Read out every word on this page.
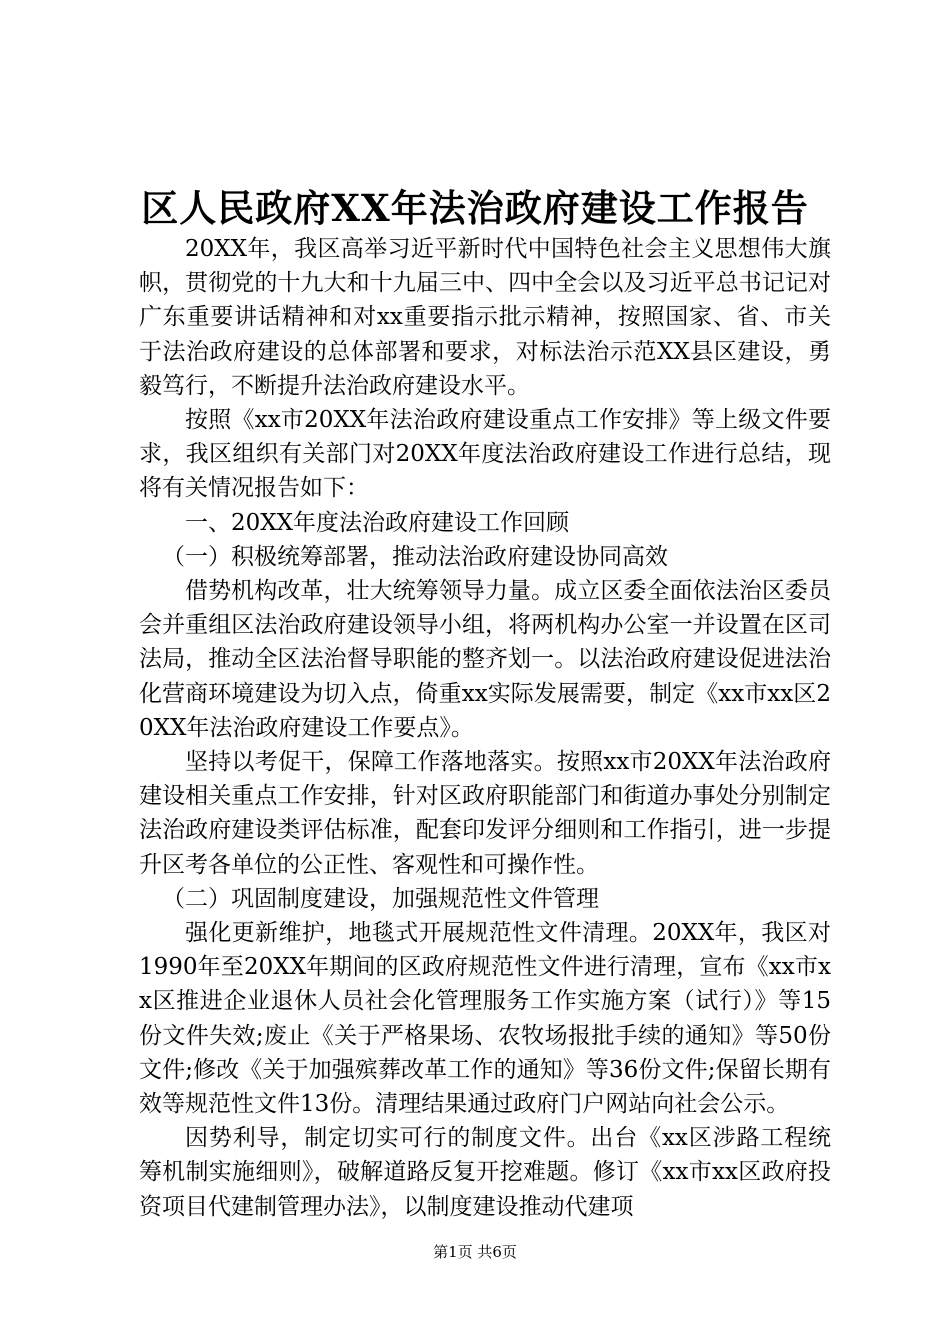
区人民政府XX年法治政府建设工作报告

20XX年，我区高举习近平新时代中国特色社会主义思想伟大旗帜，贯彻党的十九大和十九届三中、四中全会以及习近平总书记记对广东重要讲话精神和对xx重要指示批示精神，按照国家、省、市关于法治政府建设的总体部署和要求，对标法治示范XX县区建设，勇毅笃行，不断提升法治政府建设水平。

按照《xx市20XX年法治政府建设重点工作安排》等上级文件要求，我区组织有关部门对20XX年度法治政府建设工作进行总结，现将有关情况报告如下：

一、20XX年度法治政府建设工作回顾

（一）积极统筹部署，推动法治政府建设协同高效

借势机构改革，壮大统筹领导力量。成立区委全面依法治区委员会并重组区法治政府建设领导小组，将两机构办公室一并设置在区司法局，推动全区法治督导职能的整齐划一。以法治政府建设促进法治化营商环境建设为切入点，倚重xx实际发展需要，制定《xx市xx区20XX年法治政府建设工作要点》。

坚持以考促干，保障工作落地落实。按照xx市20XX年法治政府建设相关重点工作安排，针对区政府职能部门和街道办事处分别制定法治政府建设类评估标准，配套印发评分细则和工作指引，进一步提升区考各单位的公正性、客观性和可操作性。

（二）巩固制度建设，加强规范性文件管理

强化更新维护，地毯式开展规范性文件清理。20XX年，我区对1990年至20XX年期间的区政府规范性文件进行清理，宣布《xx市xx区推进企业退休人员社会化管理服务工作实施方案（试行）》等15份文件失效;废止《关于严格果场、农牧场报批手续的通知》等50份文件;修改《关于加强殡葬改革工作的通知》等36份文件;保留长期有效等规范性文件13份。清理结果通过政府门户网站向社会公示。

因势利导，制定切实可行的制度文件。出台《xx区涉路工程统筹机制实施细则》，破解道路反复开挖难题。修订《xx市xx区政府投资项目代建制管理办法》，以制度建设推动代建项

第1页 共6页
